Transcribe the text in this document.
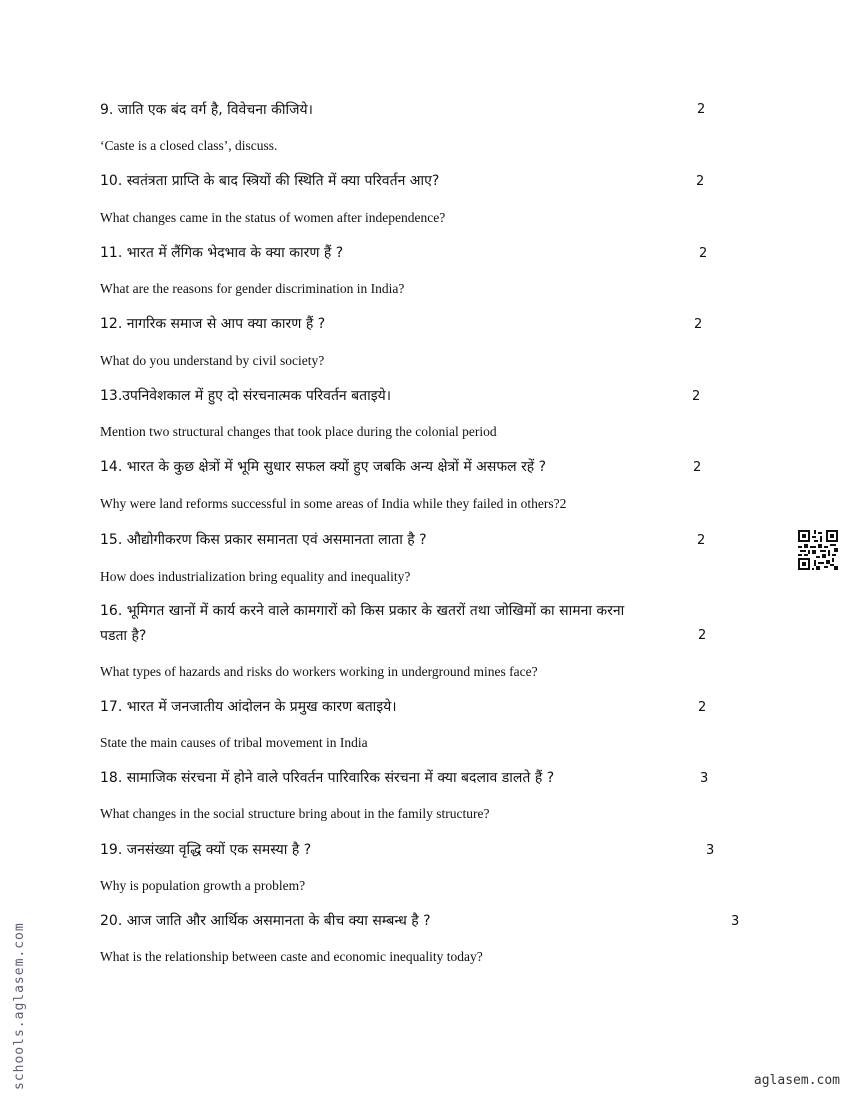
9. जाति एक बंद वर्ग है, विवेचना कीजिये।	2
‘Caste is a closed class’, discuss.
10. स्वतंत्रता प्राप्ति के बाद स्त्रियों की स्थिति में क्या परिवर्तन आए?	2
What changes came in the status of women after independence?
11. भारत में लैंगिक भेदभाव के क्या कारण हैं ?	2
What are the reasons for gender discrimination in India?
12. नागरिक समाज से आप क्या कारण हैं ?	2
What do you understand by civil society?
13.उपनिवेशकाल में हुए दो संरचनात्मक परिवर्तन बताइये।	2
Mention two structural changes that took place during the colonial period
14. भारत के कुछ क्षेत्रों में भूमि सुधार सफल क्यों हुए जबकि अन्य क्षेत्रों में असफल रहें ?	2
Why were land reforms successful in some areas of India while they failed in others?2
15. औद्योगीकरण किस प्रकार समानता एवं असमानता लाता है ?	2
How does industrialization bring equality and inequality?
16. भूमिगत खानों में कार्य करने वाले कामगारों को किस प्रकार के खतरों तथा जोखिमों का सामना करना
पडता है?	2
What types of hazards and risks do workers working in underground mines face?
17. भारत में जनजातीय आंदोलन के प्रमुख कारण बताइये।	2
State the main causes of tribal movement in India
18. सामाजिक संरचना में होने वाले परिवर्तन पारिवारिक संरचना में क्या बदलाव डालते हैं ?	3
What changes in the social structure bring about in the family structure?
19. जनसंख्या वृद्धि क्यों एक समस्या है ?	3
Why is population growth a problem?
20. आज जाति और आर्थिक असमानता के बीच क्या सम्बन्ध है ?	3
What is the relationship between caste and economic inequality today?
schools.aglasem.com	aglasem.com
